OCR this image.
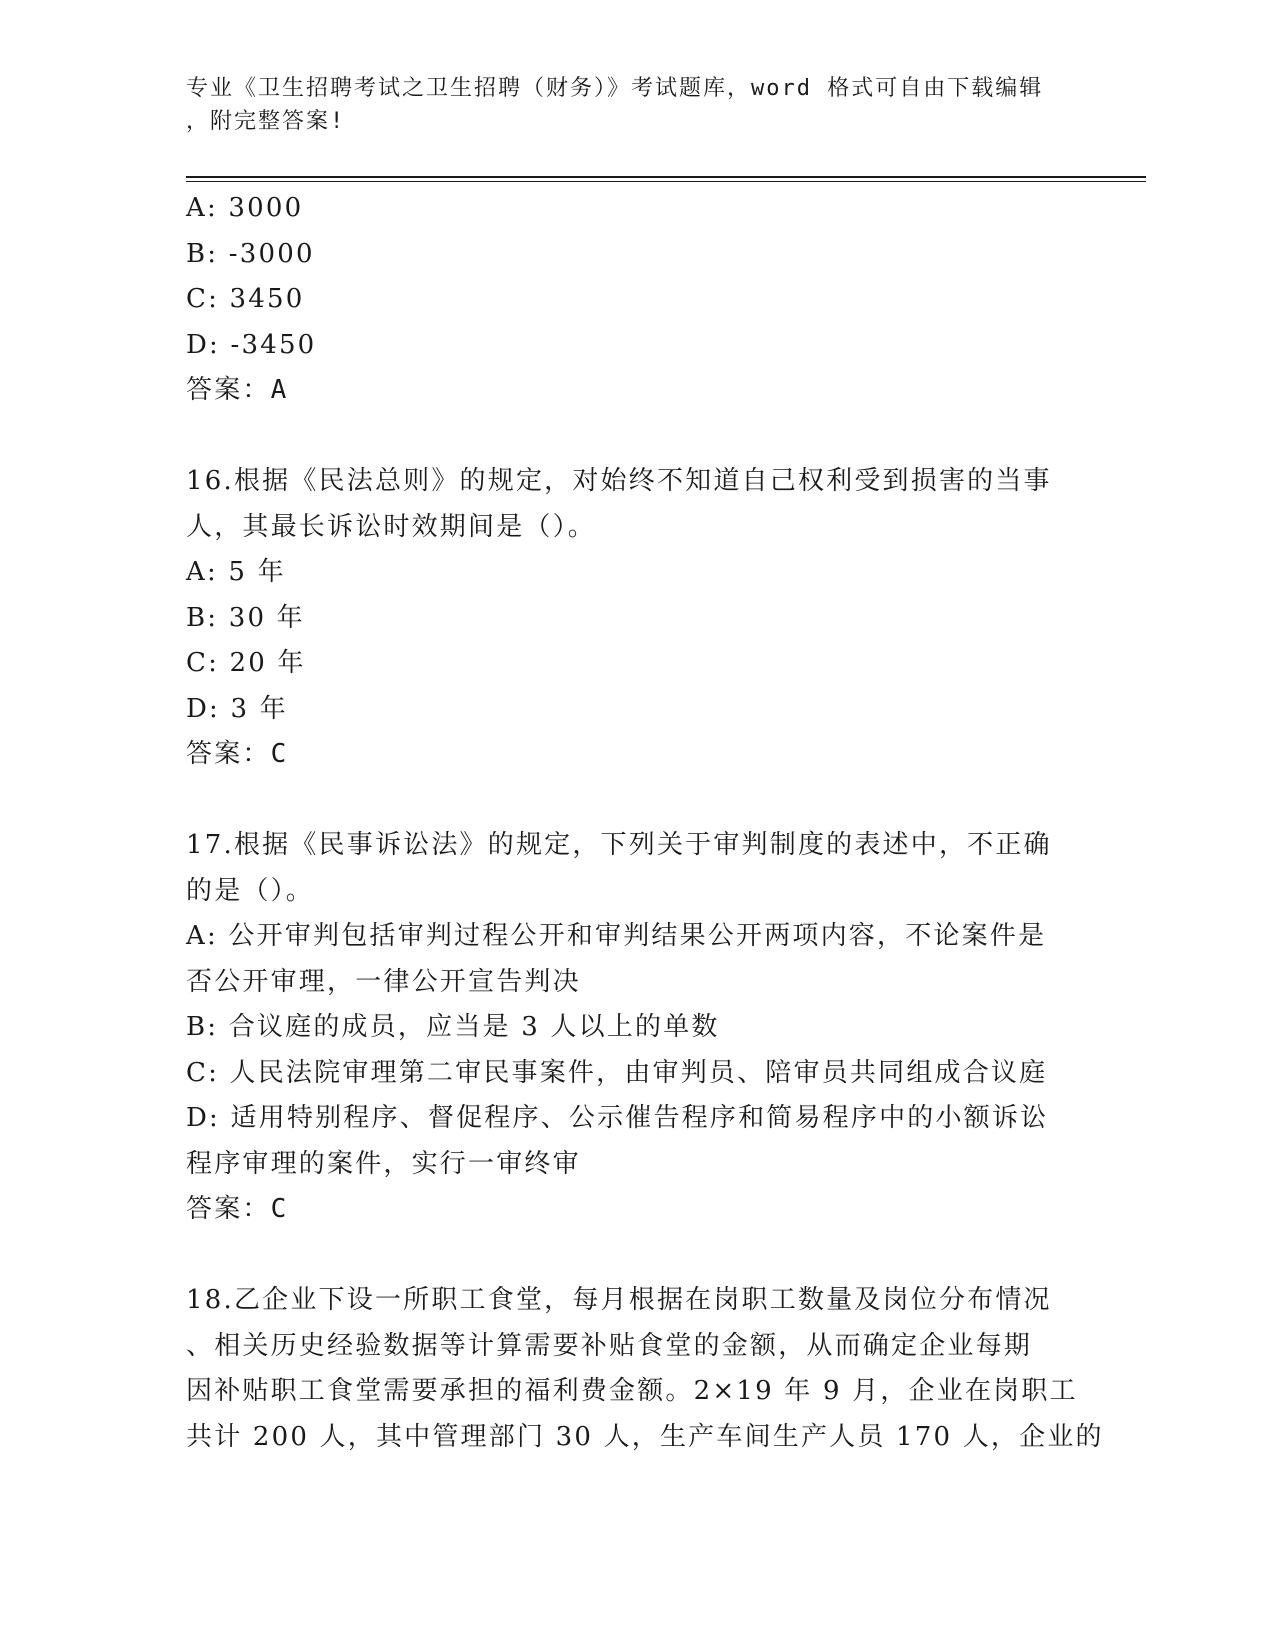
专业《卫生招聘考试之卫生招聘（财务）》考试题库，word 格式可自由下载编辑
，附完整答案!
A: 3000
B: -3000
C: 3450
D: -3450
答案：A
16.根据《民法总则》的规定，对始终不知道自己权利受到损害的当事
人，其最长诉讼时效期间是（）。
A: 5 年
B: 30 年
C: 20 年
D: 3 年
答案：C
17.根据《民事诉讼法》的规定，下列关于审判制度的表述中，不正确
的是（）。
A: 公开审判包括审判过程公开和审判结果公开两项内容，不论案件是
否公开审理，一律公开宣告判决
B: 合议庭的成员，应当是 3 人以上的单数
C: 人民法院审理第二审民事案件，由审判员、陪审员共同组成合议庭
D: 适用特别程序、督促程序、公示催告程序和简易程序中的小额诉讼
程序审理的案件，实行一审终审
答案：C
18.乙企业下设一所职工食堂，每月根据在岗职工数量及岗位分布情况
、相关历史经验数据等计算需要补贴食堂的金额，从而确定企业每期
因补贴职工食堂需要承担的福利费金额。2×19 年 9 月，企业在岗职工
共计 200 人，其中管理部门 30 人，生产车间生产人员 170 人，企业的
